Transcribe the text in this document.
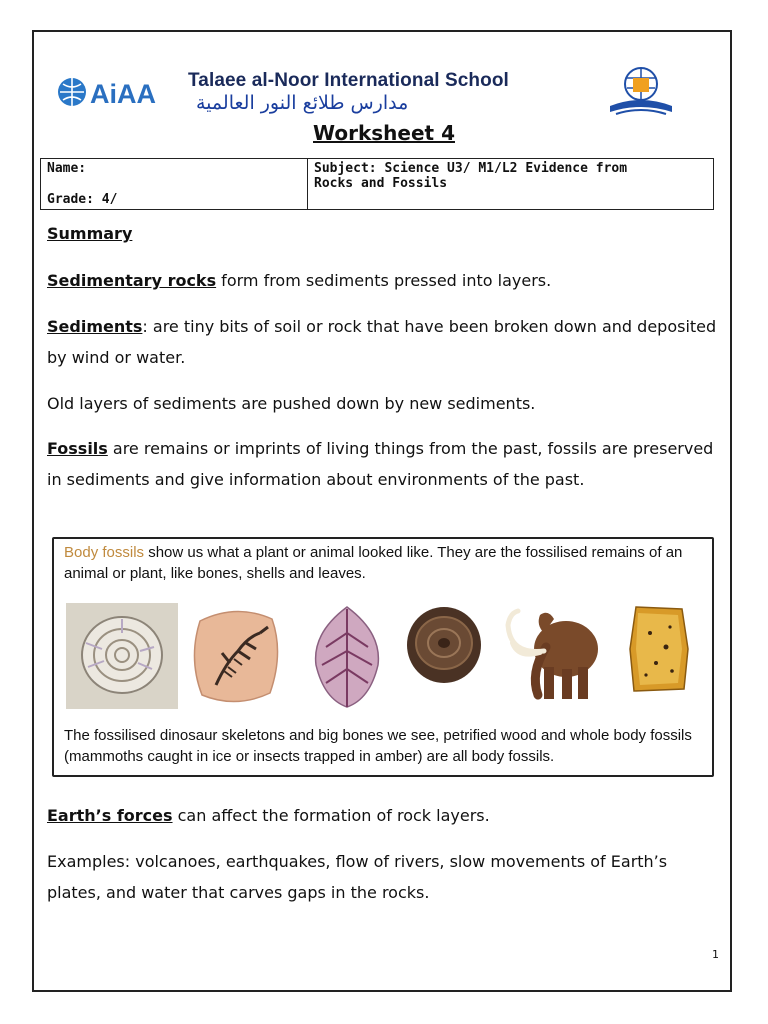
AiAA Talaee al-Noor International School
مدارس طلائع النور العالمية
Worksheet 4
Name:
Grade: 4/

Subject: Science U3/ M1/L2 Evidence from
Rocks and Fossils
Summary
Sedimentary rocks form from sediments pressed into layers.
Sediments: are tiny bits of soil or rock that have been broken down and deposited by wind or water.
Old layers of sediments are pushed down by new sediments.
Fossils are remains or imprints of living things from the past, fossils are preserved in sediments and give information about environments of the past.
Body fossils show us what a plant or animal looked like. They are the fossilised remains of an animal or plant, like bones, shells and leaves.
The fossilised dinosaur skeletons and big bones we see, petrified wood and whole body fossils (mammoths caught in ice or insects trapped in amber) are all body fossils.
Earth’s forces can affect the formation of rock layers.
Examples: volcanoes, earthquakes, flow of rivers, slow movements of Earth’s plates, and water that carves gaps in the rocks.
1
